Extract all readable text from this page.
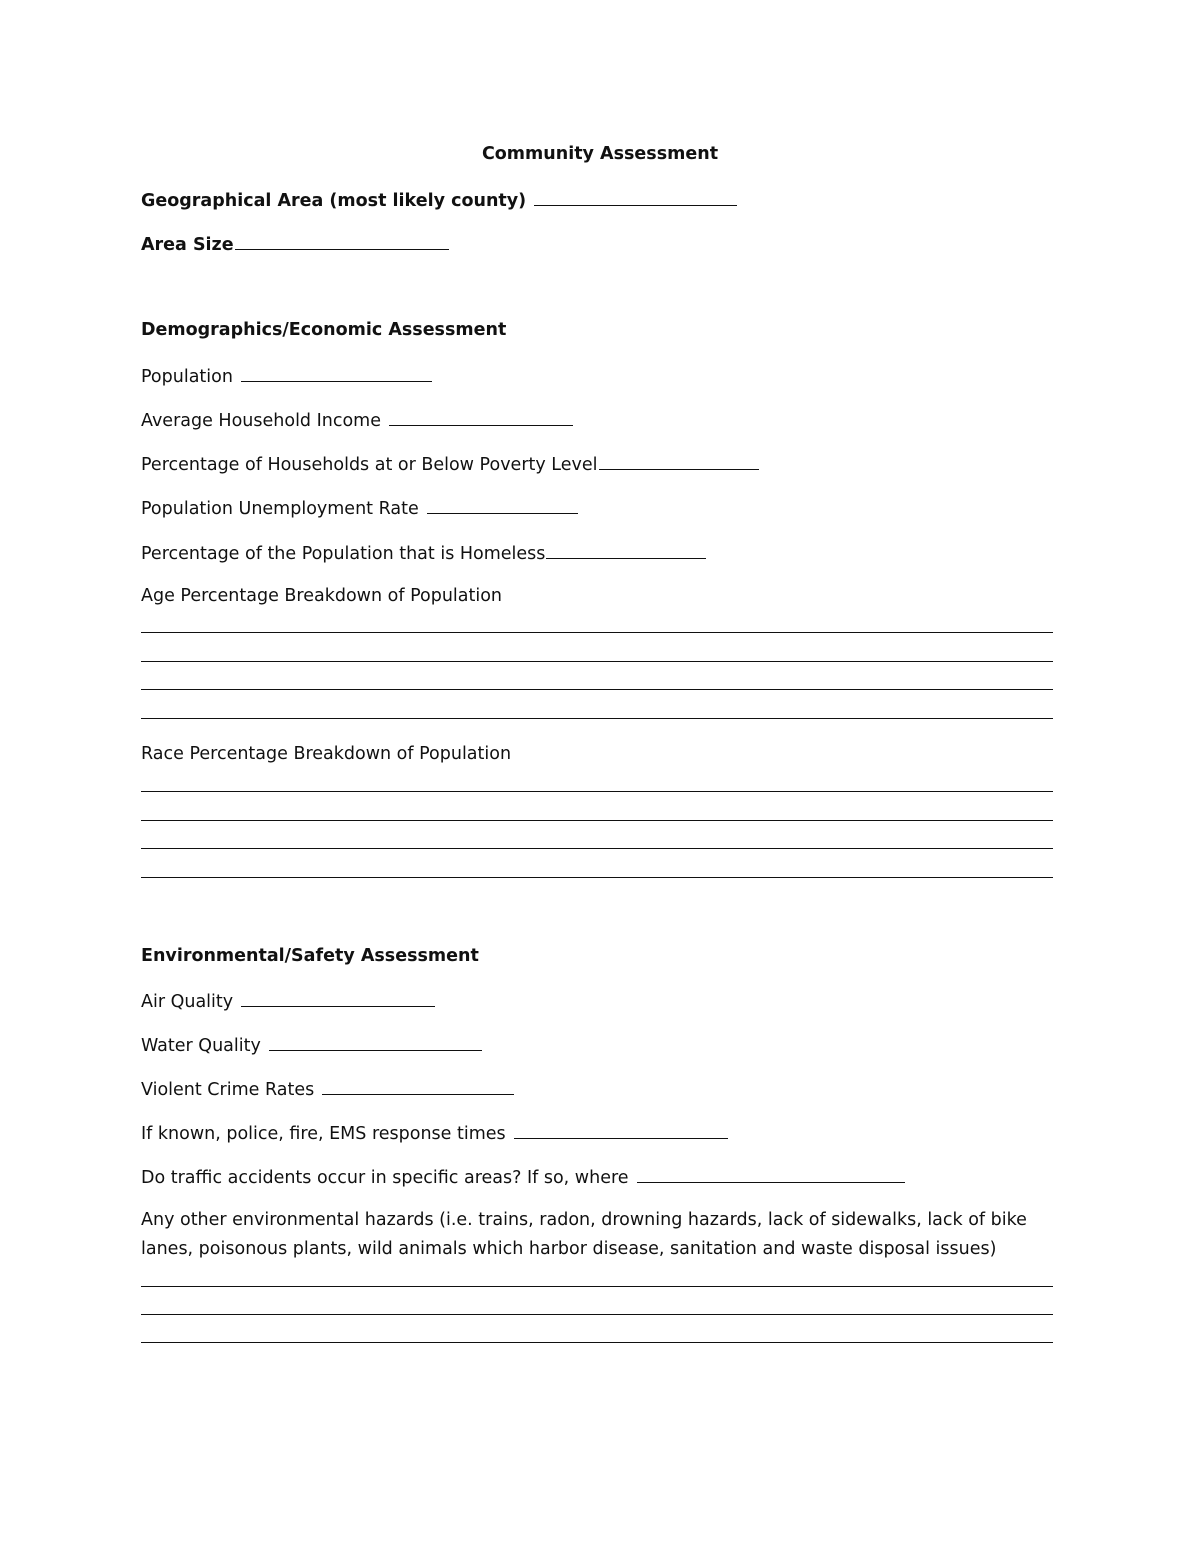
Community Assessment
Geographical Area (most likely county)
Area Size
Demographics/Economic Assessment
Population
Average Household Income
Percentage of Households at or Below Poverty Level
Population Unemployment Rate
Percentage of the Population that is Homeless
Age Percentage Breakdown of Population
Race Percentage Breakdown of Population
Environmental/Safety Assessment
Air Quality
Water Quality
Violent Crime Rates
If known, police, fire, EMS response times
Do traffic accidents occur in specific areas? If so, where
Any other environmental hazards (i.e. trains, radon, drowning hazards, lack of sidewalks, lack of bike
lanes, poisonous plants, wild animals which harbor disease, sanitation and waste disposal issues)
